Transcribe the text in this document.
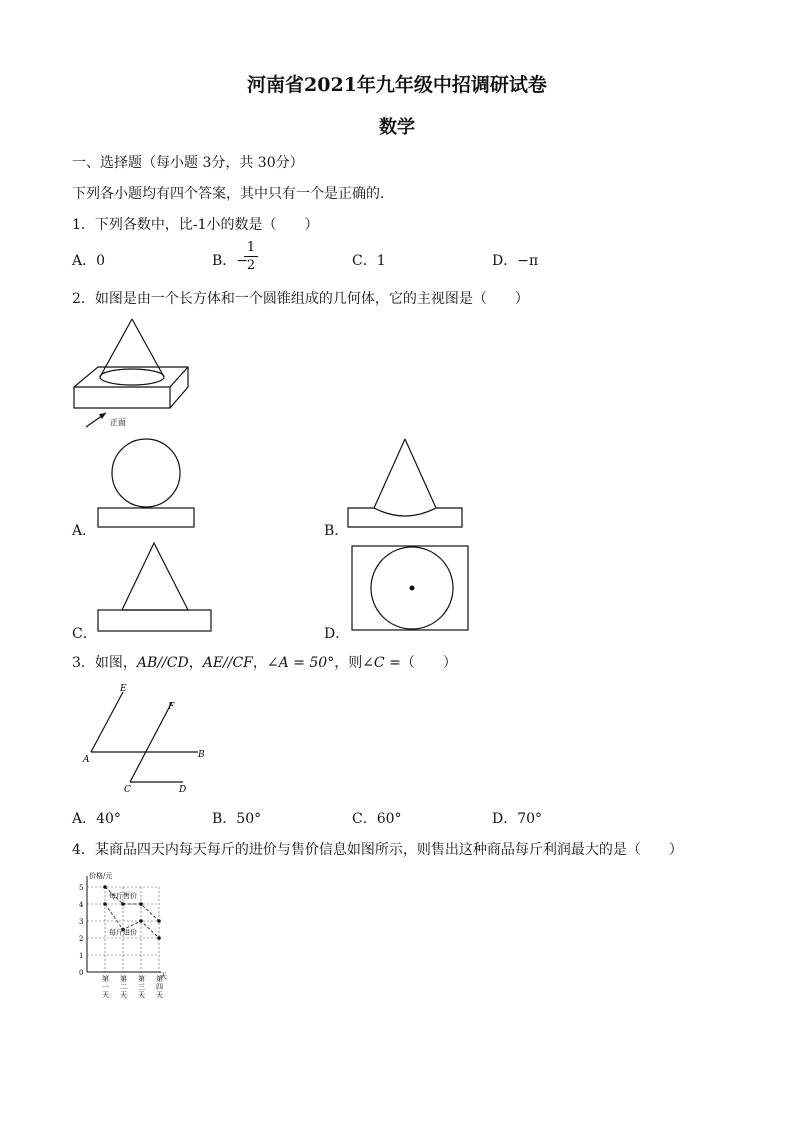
河南省2021年九年级中招调研试卷
数学
一、选择题（每小题 3分，共 30分）
下列各小题均有四个答案，其中只有一个是正确的.
1．下列各数中，比-1小的数是（　　）
A．0	B．−
1
2	C．1	D．−π
2．如图是由一个长方体和一个圆锥组成的几何体，它的主视图是（　　）
正面
A．	B．
C．	D．
3．如图，AB//CD，AE//CF，∠A = 50°，则∠C =（　　）
E
F
A	B
C	D
A．40°	B．50°	C．60°	D．70°
4．某商品四天内每天每斤的进价与售价信息如图所示，则售出这种商品每斤利润最大的是（　　）
价格/元
天
0
1
2
3
4
5
第
一
天
第
二
天
第
三
天
第
四
天
每斤售价
每斤进价
